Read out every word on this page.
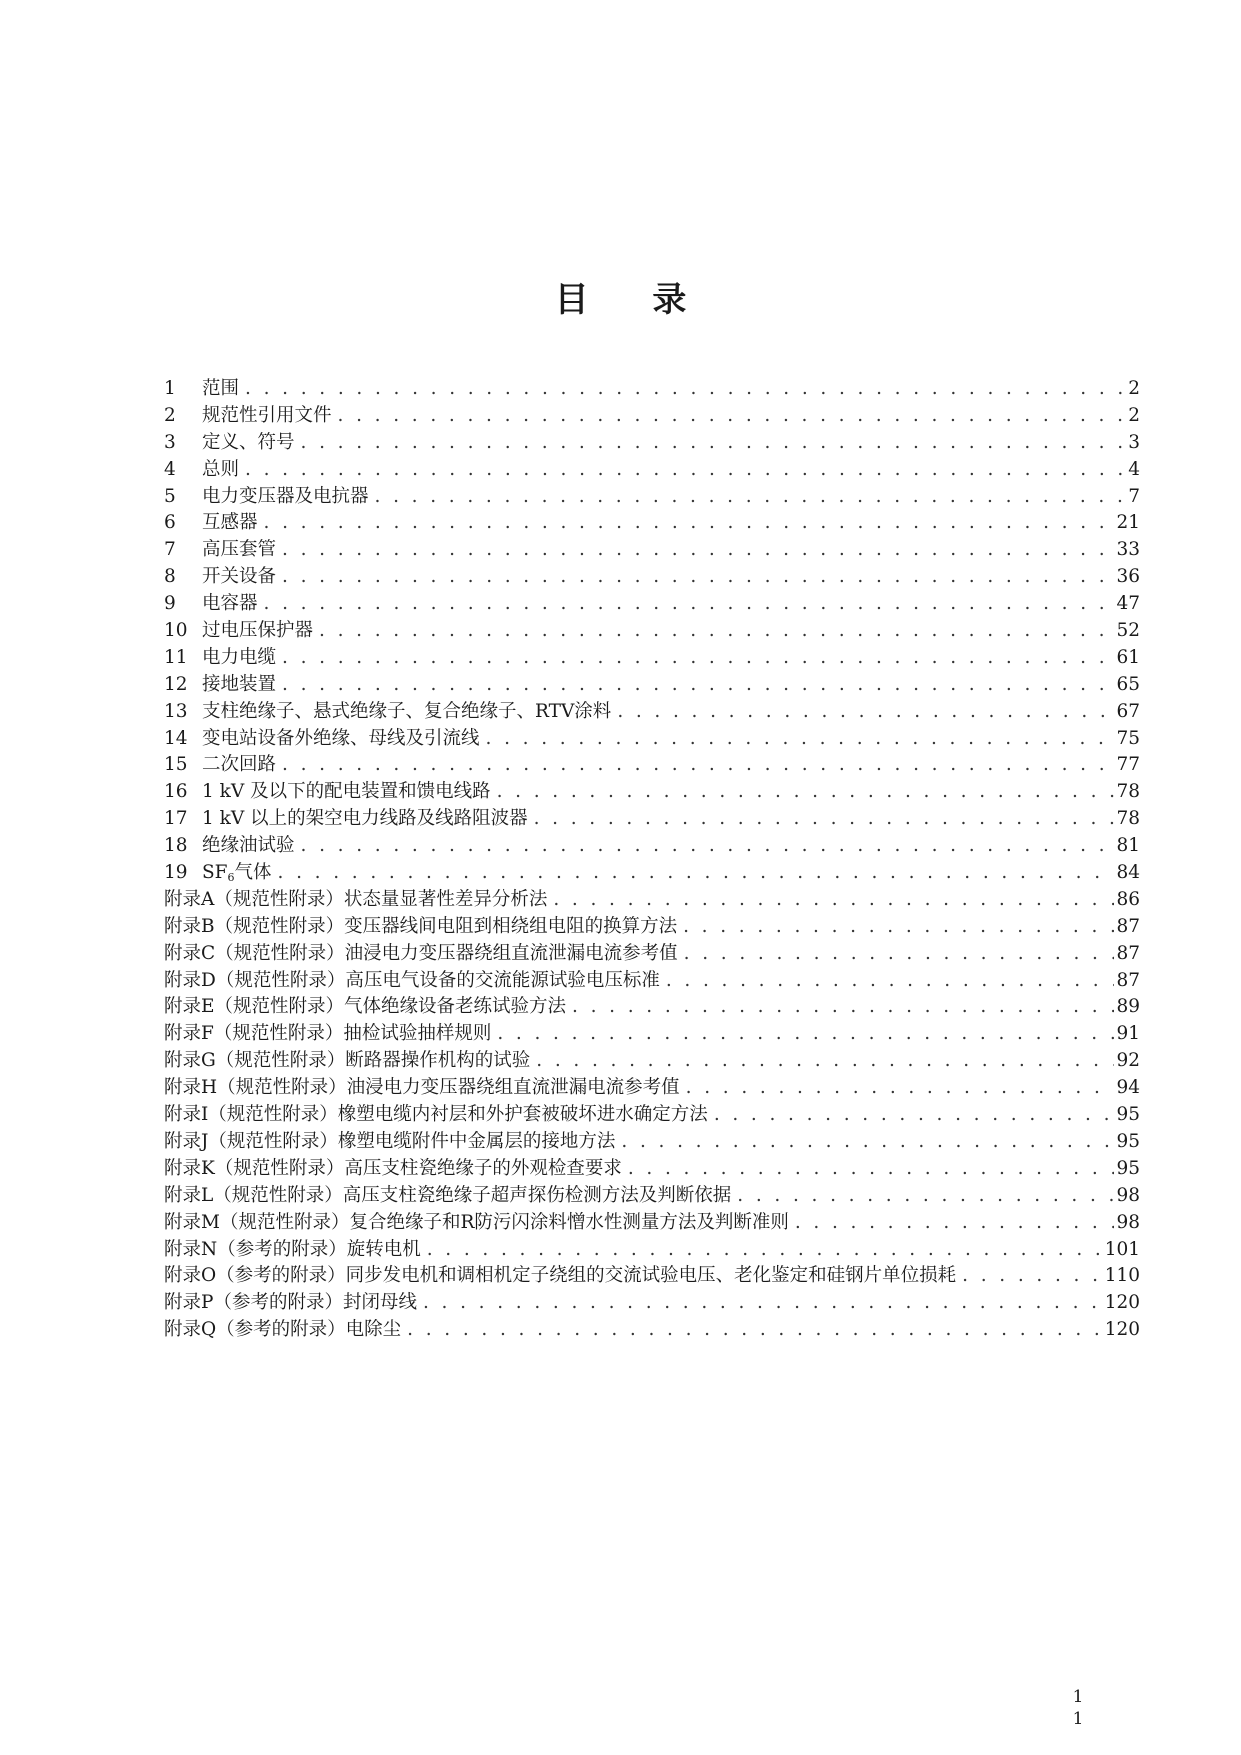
目 录
1	范围 . . .	2
2	规范性引用文件 . . .	2
3	定义、符号 . . .	3
4	总则 . . .	4
5	电力变压器及电抗器 . . .	7
6	互感器 . . .	21
7	高压套管 . . .	33
8	开关设备 . . .	36
9	电容器 . . .	47
10 过电压保护器 . . .	52
11 电力电缆 . . .	61
12 接地装置 . . .	65
13 支柱绝缘子、悬式绝缘子、复合绝缘子、RTV涂料 . . .	67
14 变电站设备外绝缘、母线及引流线 . . .	75
15 二次回路 . . .	77
16 1 kV 及以下的配电装置和馈电线路 . . .	78
17 1 kV 以上的架空电力线路及线路阻波器 . . .	78
18 绝缘油试验 . . .	81
19 $SF_6$气体 . . .	84
附录A（规范性附录）状态量显著性差异分析法 . . .	86
附录B（规范性附录）变压器线间电阻到相绕组电阻的换算方法 . . .	87
附录C（规范性附录）油浸电力变压器绕组直流泄漏电流参考值 . . .	87
附录D（规范性附录）高压电气设备的交流能源试验电压标准 . . .	87
附录E（规范性附录）气体绝缘设备老练试验方法 . . .	89
附录F（规范性附录）抽检试验抽样规则 . . .	91
附录G（规范性附录）断路器操作机构的试验 . . .	92
附录H（规范性附录）油浸电力变压器绕组直流泄漏电流参考值 . . .	94
附录I（规范性附录）橡塑电缆内衬层和外护套被破坏进水确定方法 . . .	95
附录J（规范性附录）橡塑电缆附件中金属层的接地方法 . . .	95
附录K（规范性附录）高压支柱瓷绝缘子的外观检查要求 . . .	95
附录L（规范性附录）高压支柱瓷绝缘子超声探伤检测方法及判断依据 . . .	98
附录M（规范性附录）复合绝缘子和R防污闪涂料憎水性测量方法及判断准则 . . .	98
附录N（参考的附录）旋转电机 . . .	101
附录O（参考的附录）同步发电机和调相机定子绕组的交流试验电压、老化鉴定和硅钢片单位损耗 . . .	110
附录P（参考的附录）封闭母线 . . .	120
附录Q（参考的附录）电除尘 . . .	120
1
1
